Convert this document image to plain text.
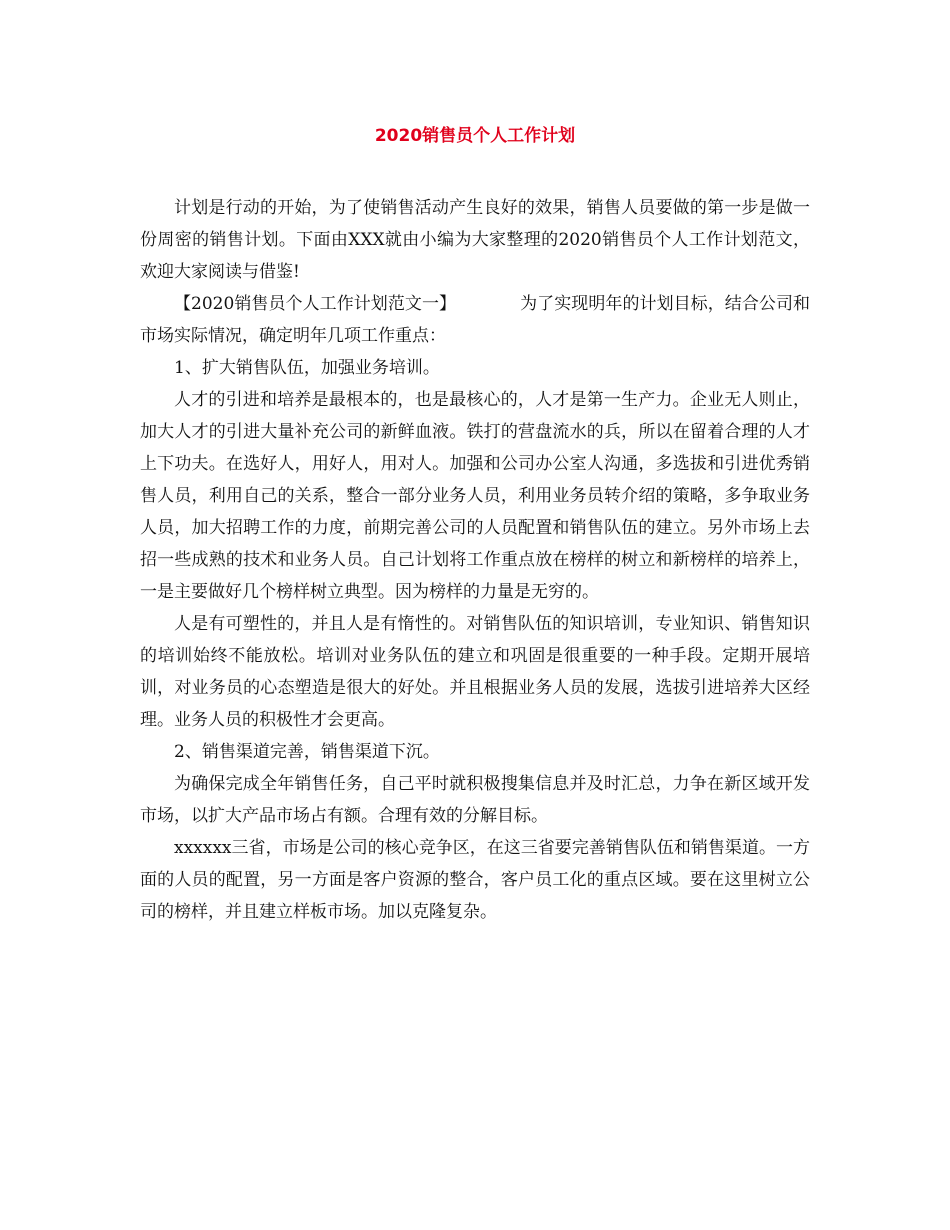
2020销售员个人工作计划

计划是行动的开始，为了使销售活动产生良好的效果，销售人员要做的第一步是做一份周密的销售计划。下面由XXX就由小编为大家整理的2020销售员个人工作计划范文，欢迎大家阅读与借鉴!

【2020销售员个人工作计划范文一】	为了实现明年的计划目标，结合公司和市场实际情况，确定明年几项工作重点：

1、扩大销售队伍，加强业务培训。

人才的引进和培养是最根本的，也是最核心的，人才是第一生产力。企业无人则止，加大人才的引进大量补充公司的新鲜血液。铁打的营盘流水的兵，所以在留着合理的人才上下功夫。在选好人，用好人，用对人。加强和公司办公室人沟通，多选拔和引进优秀销售人员，利用自己的关系，整合一部分业务人员，利用业务员转介绍的策略，多争取业务人员，加大招聘工作的力度，前期完善公司的人员配置和销售队伍的建立。另外市场上去招一些成熟的技术和业务人员。自己计划将工作重点放在榜样的树立和新榜样的培养上，一是主要做好几个榜样树立典型。因为榜样的力量是无穷的。

人是有可塑性的，并且人是有惰性的。对销售队伍的知识培训，专业知识、销售知识的培训始终不能放松。培训对业务队伍的建立和巩固是很重要的一种手段。定期开展培训，对业务员的心态塑造是很大的好处。并且根据业务人员的发展，选拔引进培养大区经理。业务人员的积极性才会更高。

2、销售渠道完善，销售渠道下沉。

为确保完成全年销售任务，自己平时就积极搜集信息并及时汇总，力争在新区域开发市场，以扩大产品市场占有额。合理有效的分解目标。

xxxxxx三省，市场是公司的核心竞争区，在这三省要完善销售队伍和销售渠道。一方面的人员的配置，另一方面是客户资源的整合，客户员工化的重点区域。要在这里树立公司的榜样，并且建立样板市场。加以克隆复杂。
